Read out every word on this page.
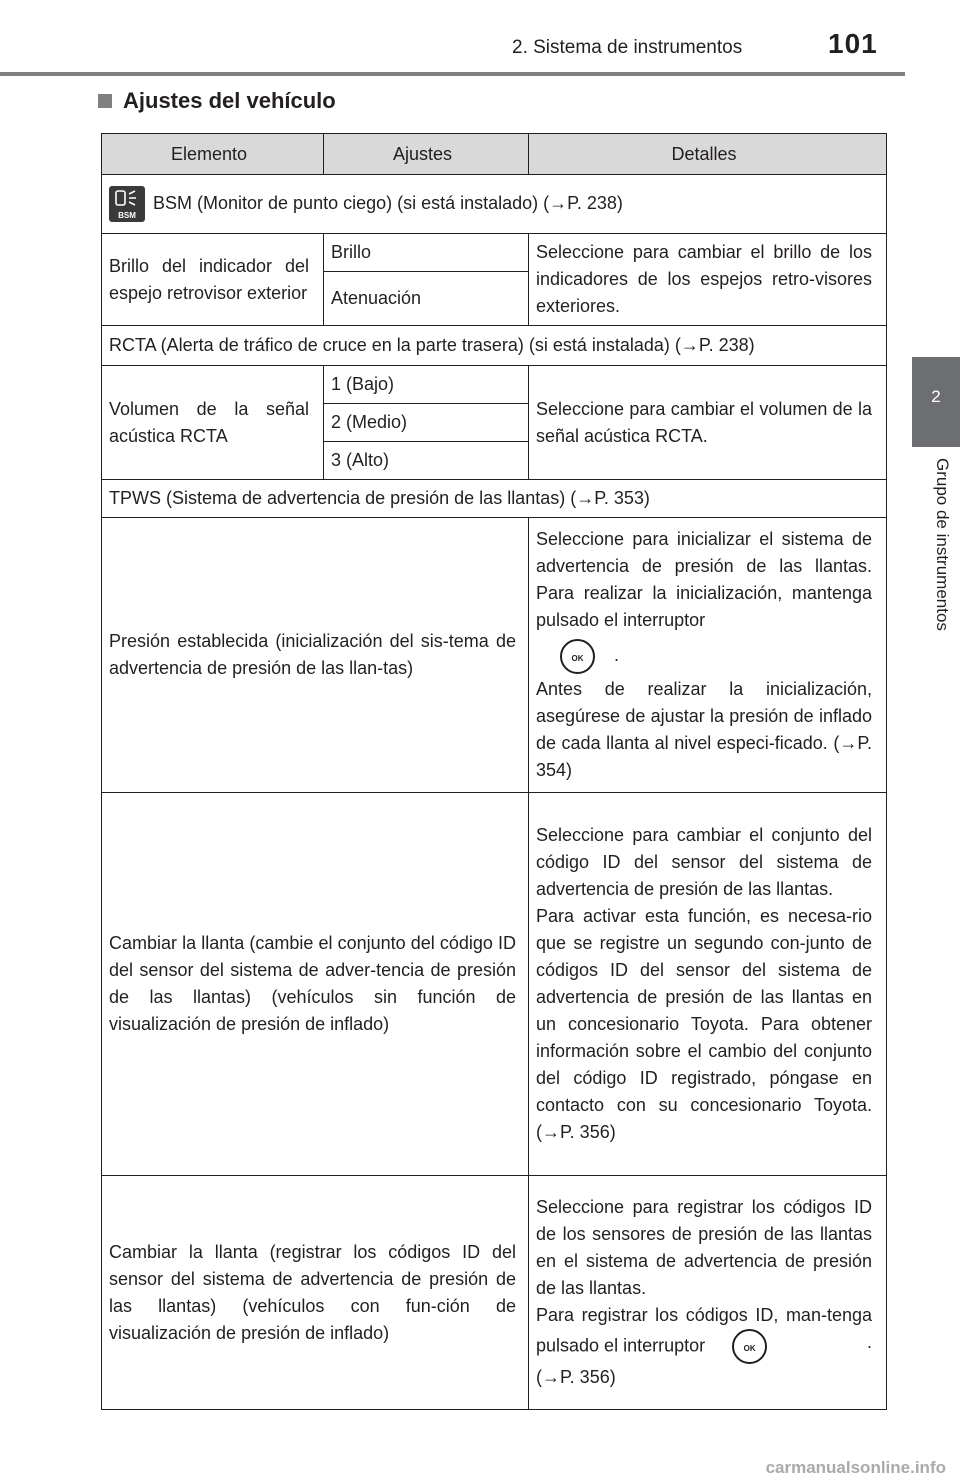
2. Sistema de instrumentos	101
2
Grupo de instrumentos
Ajustes del vehículo
Elemento	Ajustes	Detalles

BSM
BSM (Monitor de punto ciego) (si está instalado) (→P. 238)		
Brillo del indicador del espejo retrovisor exterior	Brillo	Seleccione para cambiar el brillo de los indicadores de los espejos retro-visores exteriores.
	Atenuación	
RCTA (Alerta de tráfico de cruce en la parte trasera) (si está instalada) (→P. 238)		
Volumen de la señal acústica RCTA	1 (Bajo)	Seleccione para cambiar el volumen de la señal acústica RCTA.
	2 (Medio)	
	3 (Alto)	
TPWS (Sistema de advertencia de presión de las llantas) (→P. 353)		
Presión establecida (inicialización del sis-tema de advertencia de presión de las llan-tas)		Seleccione para inicializar el sistema de advertencia de presión de las llantas. Para realizar la inicialización, mantenga pulsado el interruptor
OK .
Antes de realizar la inicialización, asegúrese de ajustar la presión de inflado de cada llanta al nivel especi-ficado. (→P. 354)

Cambiar la llanta (cambie el conjunto del código ID del sensor del sistema de adver-tencia de presión de las llantas) (vehículos sin función de visualización de presión de inflado)		Seleccione para cambiar el conjunto del código ID del sensor del sistema de advertencia de presión de las llantas.
Para activar esta función, es necesa-rio que se registre un segundo con-junto de códigos ID del sensor del sistema de advertencia de presión de las llantas en un concesionario Toyota. Para obtener información sobre el cambio del conjunto del código ID registrado, póngase en contacto con su concesionario Toyota. (→P. 356)

Cambiar la llanta (registrar los códigos ID del sensor del sistema de advertencia de presión de las llantas) (vehículos con fun-ción de visualización de presión de inflado)		Seleccione para registrar los códigos ID de los sensores de presión de las llantas en el sistema de advertencia de presión de las llantas.
Para registrar los códigos ID, man-tenga pulsado el interruptor OK .
(→P. 356)
carmanualsonline.info
